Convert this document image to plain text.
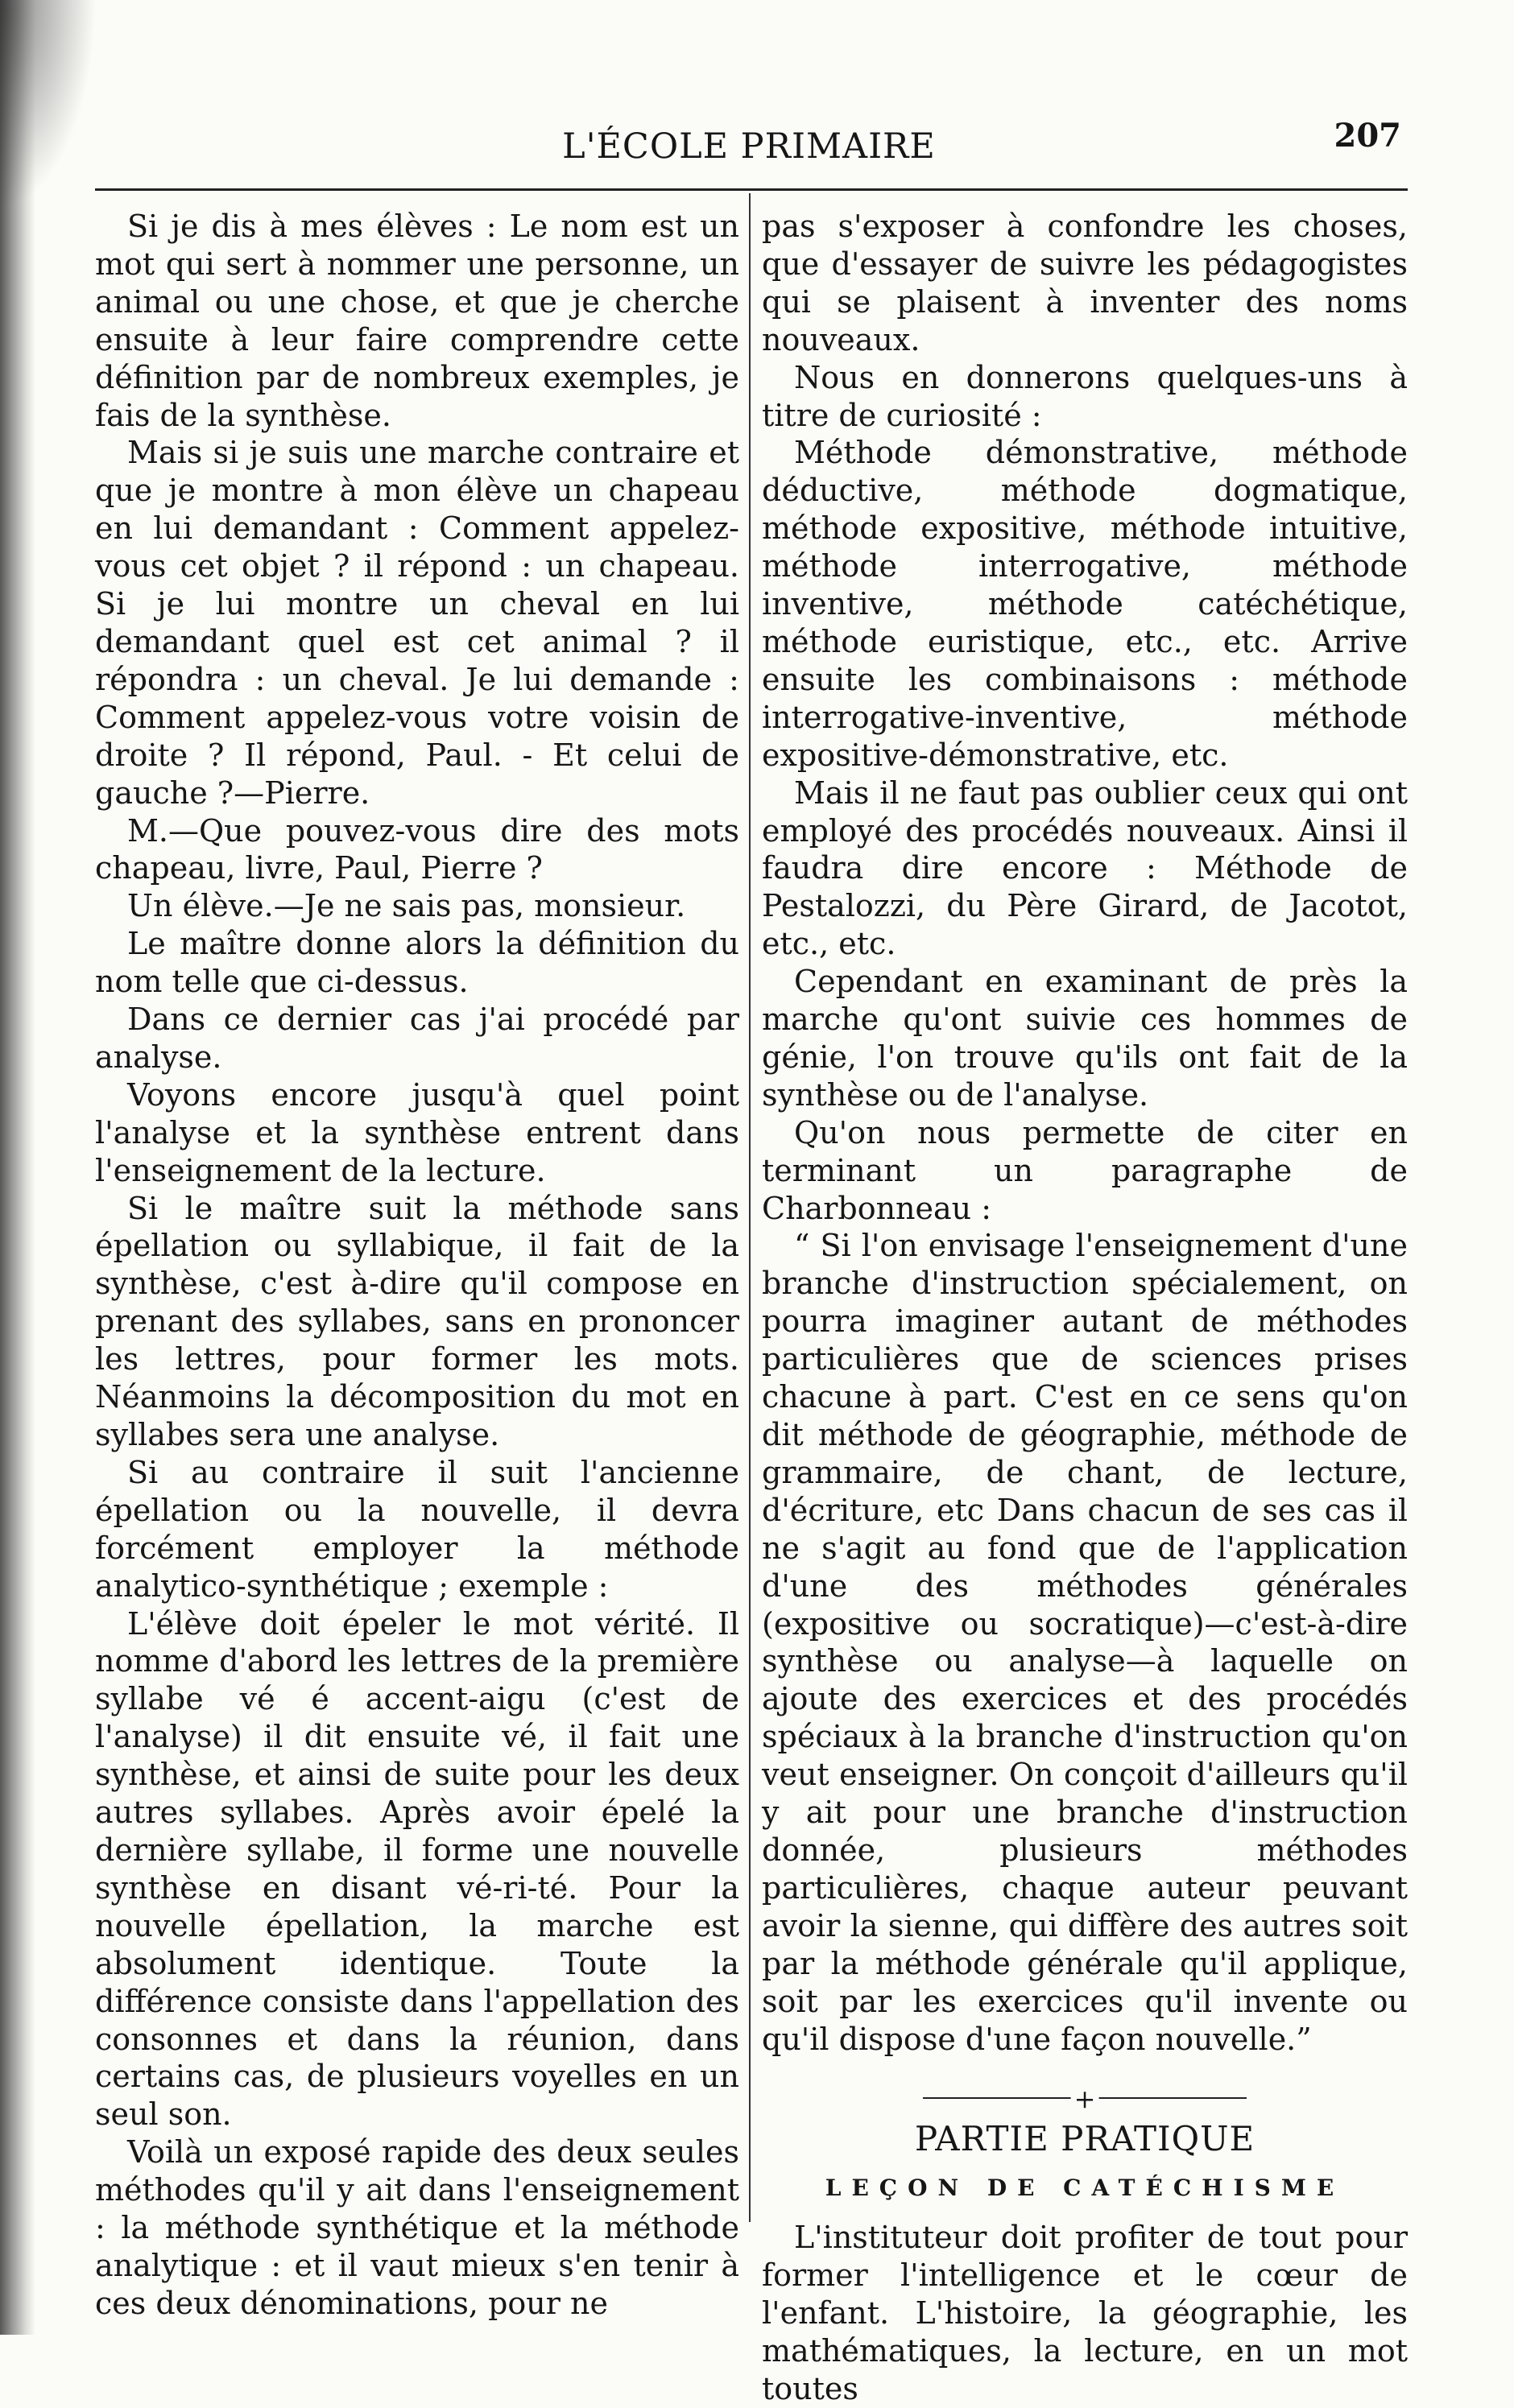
L'ÉCOLE PRIMAIRE	207

Si je dis à mes élèves : Le nom est un mot qui sert à nommer une personne, un animal ou une chose, et que je cherche ensuite à leur faire comprendre cette définition par de nombreux exemples, je fais de la synthèse.

Mais si je suis une marche contraire et que je montre à mon élève un chapeau en lui demandant : Comment appelez-vous cet objet ? il répond : un chapeau. Si je lui montre un cheval en lui demandant quel est cet animal ? il répondra : un cheval. Je lui demande : Comment appelez-vous votre voisin de droite ? Il répond, Paul. - Et celui de gauche ?—Pierre.

M.—Que pouvez-vous dire des mots chapeau, livre, Paul, Pierre ?

Un élève.—Je ne sais pas, monsieur.

Le maître donne alors la définition du nom telle que ci-dessus.

Dans ce dernier cas j'ai procédé par analyse.

Voyons encore jusqu'à quel point l'analyse et la synthèse entrent dans l'enseignement de la lecture.

Si le maître suit la méthode sans épellation ou syllabique, il fait de la synthèse, c'est à-dire qu'il compose en prenant des syllabes, sans en prononcer les lettres, pour former les mots. Néanmoins la décomposition du mot en syllabes sera une analyse.

Si au contraire il suit l'ancienne épellation ou la nouvelle, il devra forcément employer la méthode analytico-synthétique ; exemple :

L'élève doit épeler le mot vérité. Il nomme d'abord les lettres de la première syllabe vé é accent-aigu (c'est de l'analyse) il dit ensuite vé, il fait une synthèse, et ainsi de suite pour les deux autres syllabes. Après avoir épelé la dernière syllabe, il forme une nouvelle synthèse en disant vé-ri-té. Pour la nouvelle épellation, la marche est absolument identique. Toute la différence consiste dans l'appellation des consonnes et dans la réunion, dans certains cas, de plusieurs voyelles en un seul son.

Voilà un exposé rapide des deux seules méthodes qu'il y ait dans l'enseignement : la méthode synthétique et la méthode analytique : et il vaut mieux s'en tenir à ces deux dénominations, pour ne

pas s'exposer à confondre les choses, que d'essayer de suivre les pédagogistes qui se plaisent à inventer des noms nouveaux.

Nous en donnerons quelques-uns à titre de curiosité :

Méthode démonstrative, méthode déductive, méthode dogmatique, méthode expositive, méthode intuitive, méthode interrogative, méthode inventive, méthode catéchétique, méthode euristique, etc., etc. Arrive ensuite les combinaisons : méthode interrogative-inventive, méthode expositive-démonstrative, etc.

Mais il ne faut pas oublier ceux qui ont employé des procédés nouveaux. Ainsi il faudra dire encore : Méthode de Pestalozzi, du Père Girard, de Jacotot, etc., etc.

Cependant en examinant de près la marche qu'ont suivie ces hommes de génie, l'on trouve qu'ils ont fait de la synthèse ou de l'analyse.

Qu'on nous permette de citer en terminant un paragraphe de Charbonneau :

“ Si l'on envisage l'enseignement d'une branche d'instruction spécialement, on pourra imaginer autant de méthodes particulières que de sciences prises chacune à part. C'est en ce sens qu'on dit méthode de géographie, méthode de grammaire, de chant, de lecture, d'écriture, etc Dans chacun de ses cas il ne s'agit au fond que de l'application d'une des méthodes générales (expositive ou socratique)—c'est-à-dire synthèse ou analyse—à laquelle on ajoute des exercices et des procédés spéciaux à la branche d'instruction qu'on veut enseigner. On conçoit d'ailleurs qu'il y ait pour une branche d'instruction donnée, plusieurs méthodes particulières, chaque auteur peuvant avoir la sienne, qui diffère des autres soit par la méthode générale qu'il applique, soit par les exercices qu'il invente ou qu'il dispose d'une façon nouvelle.”

+
PARTIE PRATIQUE
LEÇON DE CATÉCHISME

L'instituteur doit profiter de tout pour former l'intelligence et le cœur de l'enfant. L'histoire, la géographie, les mathématiques, la lecture, en un mot toutes
